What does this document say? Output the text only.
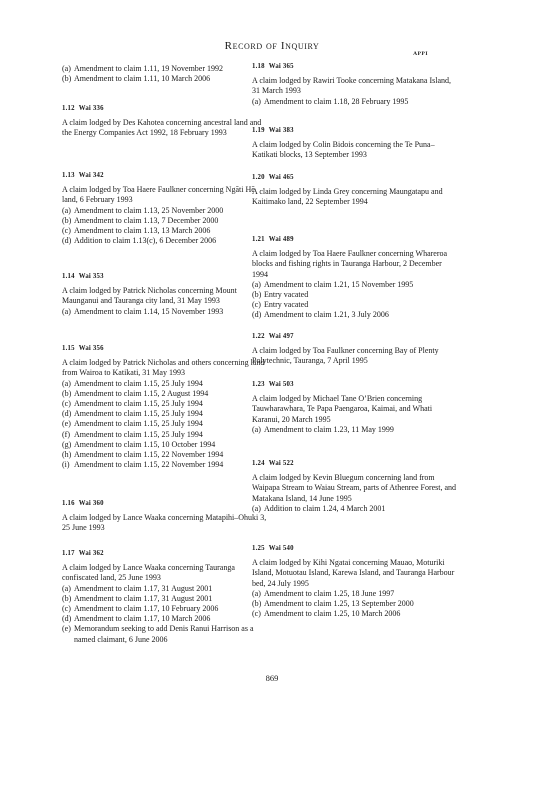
Record of Inquiry
APPI
(a) Amendment to claim 1.11, 19 November 1992
(b) Amendment to claim 1.11, 10 March 2006
1.12 Wai 336

A claim lodged by Des Kahotea concerning ancestral land and the Energy Companies Act 1992, 18 February 1993

1.13 Wai 342

A claim lodged by Toa Haere Faulkner concerning Ngāti Hē land, 6 February 1993

(a) Amendment to claim 1.13, 25 November 2000
(b) Amendment to claim 1.13, 7 December 2000
(c) Amendment to claim 1.13, 13 March 2006
(d) Addition to claim 1.13(c), 6 December 2006
1.14 Wai 353

A claim lodged by Patrick Nicholas concerning Mount Maunganui and Tauranga city land, 31 May 1993

(a) Amendment to claim 1.14, 15 November 1993
1.15 Wai 356

A claim lodged by Patrick Nicholas and others concerning land from Wairoa to Katikati, 31 May 1993

(a) Amendment to claim 1.15, 25 July 1994
(b) Amendment to claim 1.15, 2 August 1994
(c) Amendment to claim 1.15, 25 July 1994
(d) Amendment to claim 1.15, 25 July 1994
(e) Amendment to claim 1.15, 25 July 1994
(f) Amendment to claim 1.15, 25 July 1994
(g) Amendment to claim 1.15, 10 October 1994
(h) Amendment to claim 1.15, 22 November 1994
(i) Amendment to claim 1.15, 22 November 1994
1.16 Wai 360

A claim lodged by Lance Waaka concerning Matapihi–Ohuki 3, 25 June 1993

1.17 Wai 362

A claim lodged by Lance Waaka concerning Tauranga confiscated land, 25 June 1993

(a) Amendment to claim 1.17, 31 August 2001
(b) Amendment to claim 1.17, 31 August 2001
(c) Amendment to claim 1.17, 10 February 2006
(d) Amendment to claim 1.17, 10 March 2006
(e) Memorandum seeking to add Denis Ranui Harrison as a named claimant, 6 June 2006
1.18 Wai 365

A claim lodged by Rawiri Tooke concerning Matakana Island, 31 March 1993

(a) Amendment to claim 1.18, 28 February 1995
1.19 Wai 383

A claim lodged by Colin Bidois concerning the Te Puna–Katikati blocks, 13 September 1993

1.20 Wai 465

A claim lodged by Linda Grey concerning Maungatapu and Kaitimako land, 22 September 1994

1.21 Wai 489

A claim lodged by Toa Haere Faulkner concerning Whareroa blocks and fishing rights in Tauranga Harbour, 2 December 1994

(a) Amendment to claim 1.21, 15 November 1995
(b) Entry vacated
(c) Entry vacated
(d) Amendment to claim 1.21, 3 July 2006
1.22 Wai 497

A claim lodged by Toa Faulkner concerning Bay of Plenty Polytechnic, Tauranga, 7 April 1995

1.23 Wai 503

A claim lodged by Michael Tane O’Brien concerning Tauwharawhara, Te Papa Paengaroa, Kaimai, and Whati Karanui, 20 March 1995

(a) Amendment to claim 1.23, 11 May 1999
1.24 Wai 522

A claim lodged by Kevin Bluegum concerning land from Waipapa Stream to Waiau Stream, parts of Athenree Forest, and Matakana Island, 14 June 1995

(a) Addition to claim 1.24, 4 March 2001
1.25 Wai 540

A claim lodged by Kihi Ngatai concerning Mauao, Moturiki Island, Motuotau Island, Karewa Island, and Tauranga Harbour bed, 24 July 1995

(a) Amendment to claim 1.25, 18 June 1997
(b) Amendment to claim 1.25, 13 September 2000
(c) Amendment to claim 1.25, 10 March 2006
869
